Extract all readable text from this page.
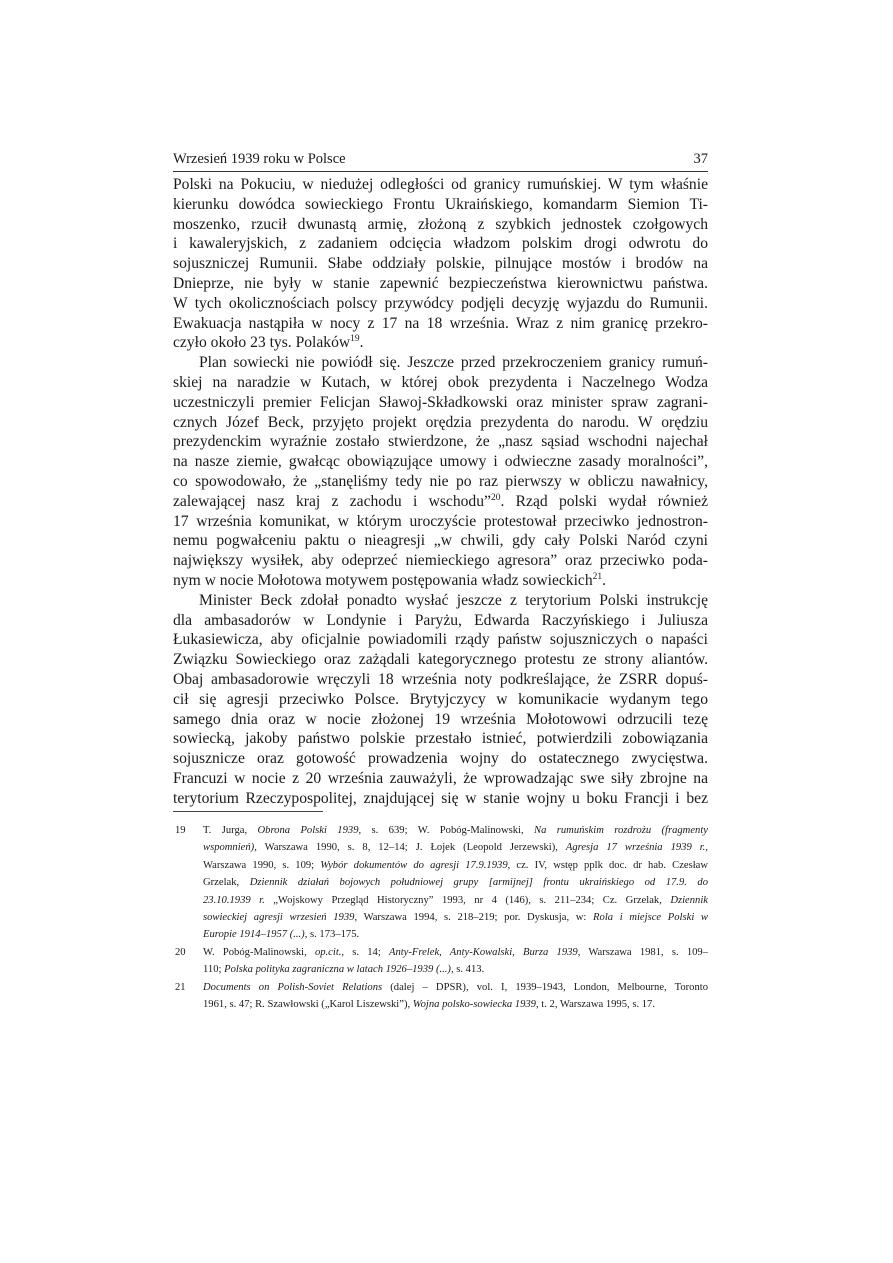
Wrzesień 1939 roku w Polsce	37
Polski na Pokuciu, w niedużej odległości od granicy rumuńskiej. W tym właśnie
kierunku dowódca sowieckiego Frontu Ukraińskiego, komandarm Siemion Ti-
moszenko, rzucił dwunastą armię, złożoną z szybkich jednostek czołgowych
i kawaleryjskich, z zadaniem odcięcia władzom polskim drogi odwrotu do
sojuszniczej Rumunii. Słabe oddziały polskie, pilnujące mostów i brodów na
Dnieprze, nie były w stanie zapewnić bezpieczeństwa kierownictwu państwa.
W tych okolicznościach polscy przywódcy podjęli decyzję wyjazdu do Rumunii.
Ewakuacja nastąpiła w nocy z 17 na 18 września. Wraz z nim granicę przekro-
czyło około 23 tys. Polaków$^{19}$.
Plan sowiecki nie powiódł się. Jeszcze przed przekroczeniem granicy rumuń-
skiej na naradzie w Kutach, w której obok prezydenta i Naczelnego Wodza
uczestniczyli premier Felicjan Sławoj-Składkowski oraz minister spraw zagrani-
cznych Józef Beck, przyjęto projekt orędzia prezydenta do narodu. W orędziu
prezydenckim wyraźnie zostało stwierdzone, że „nasz sąsiad wschodni najechał
na nasze ziemie, gwałcąc obowiązujące umowy i odwieczne zasady moralności”,
co spowodowało, że „stanęliśmy tedy nie po raz pierwszy w obliczu nawałnicy,
zalewającej nasz kraj z zachodu i wschodu”$^{20}$. Rząd polski wydał również
17 września komunikat, w którym uroczyście protestował przeciwko jednostron-
nemu pogwałceniu paktu o nieagresji „w chwili, gdy cały Polski Naród czyni
największy wysiłek, aby odeprzeć niemieckiego agresora” oraz przeciwko poda-
nym w nocie Mołotowa motywem postępowania władz sowieckich$^{21}$.
Minister Beck zdołał ponadto wysłać jeszcze z terytorium Polski instrukcję
dla ambasadorów w Londynie i Paryżu, Edwarda Raczyńskiego i Juliusza
Łukasiewicza, aby oficjalnie powiadomili rządy państw sojuszniczych o napaści
Związku Sowieckiego oraz zażądali kategorycznego protestu ze strony aliantów.
Obaj ambasadorowie wręczyli 18 września noty podkreślające, że ZSRR dopuś-
cił się agresji przeciwko Polsce. Brytyjczycy w komunikacie wydanym tego
samego dnia oraz w nocie złożonej 19 września Mołotowowi odrzucili tezę
sowiecką, jakoby państwo polskie przestało istnieć, potwierdzili zobowiązania
sojusznicze oraz gotowość prowadzenia wojny do ostatecznego zwycięstwa.
Francuzi w nocie z 20 września zauważyli, że wprowadzając swe siły zbrojne na
terytorium Rzeczypospolitej, znajdującej się w stanie wojny u boku Francji i bez
19 T. Jurga, Obrona Polski 1939, s. 639; W. Pobóg-Malinowski, Na rumuńskim rozdrożu (fragmenty
wspomnień), Warszawa 1990, s. 8, 12–14; J. Łojek (Leopold Jerzewski), Agresja 17 września 1939 r.,
Warszawa 1990, s. 109; Wybór dokumentów do agresji 17.9.1939, cz. IV, wstęp pplk doc. dr hab. Czesław
Grzelak, Dziennik działań bojowych południowej grupy [armijnej] frontu ukraińskiego od 17.9. do
23.10.1939 r. „Wojskowy Przegląd Historyczny” 1993, nr 4 (146), s. 211–234; Cz. Grzelak, Dziennik
sowieckiej agresji wrzesień 1939, Warszawa 1994, s. 218–219; por. Dyskusja, w: Rola i miejsce Polski w
Europie 1914–1957 (...), s. 173–175.
20 W. Pobóg-Malinowski, op.cit., s. 14; Anty-Frelek, Anty-Kowalski, Burza 1939, Warszawa 1981, s. 109–
110; Polska polityka zagraniczna w latach 1926–1939 (...), s. 413.
21 Documents on Polish-Soviet Relations (dalej – DPSR), vol. I, 1939–1943, London, Melbourne, Toronto
1961, s. 47; R. Szawłowski („Karol Liszewski”), Wojna polsko-sowiecka 1939, t. 2, Warszawa 1995, s. 17.
